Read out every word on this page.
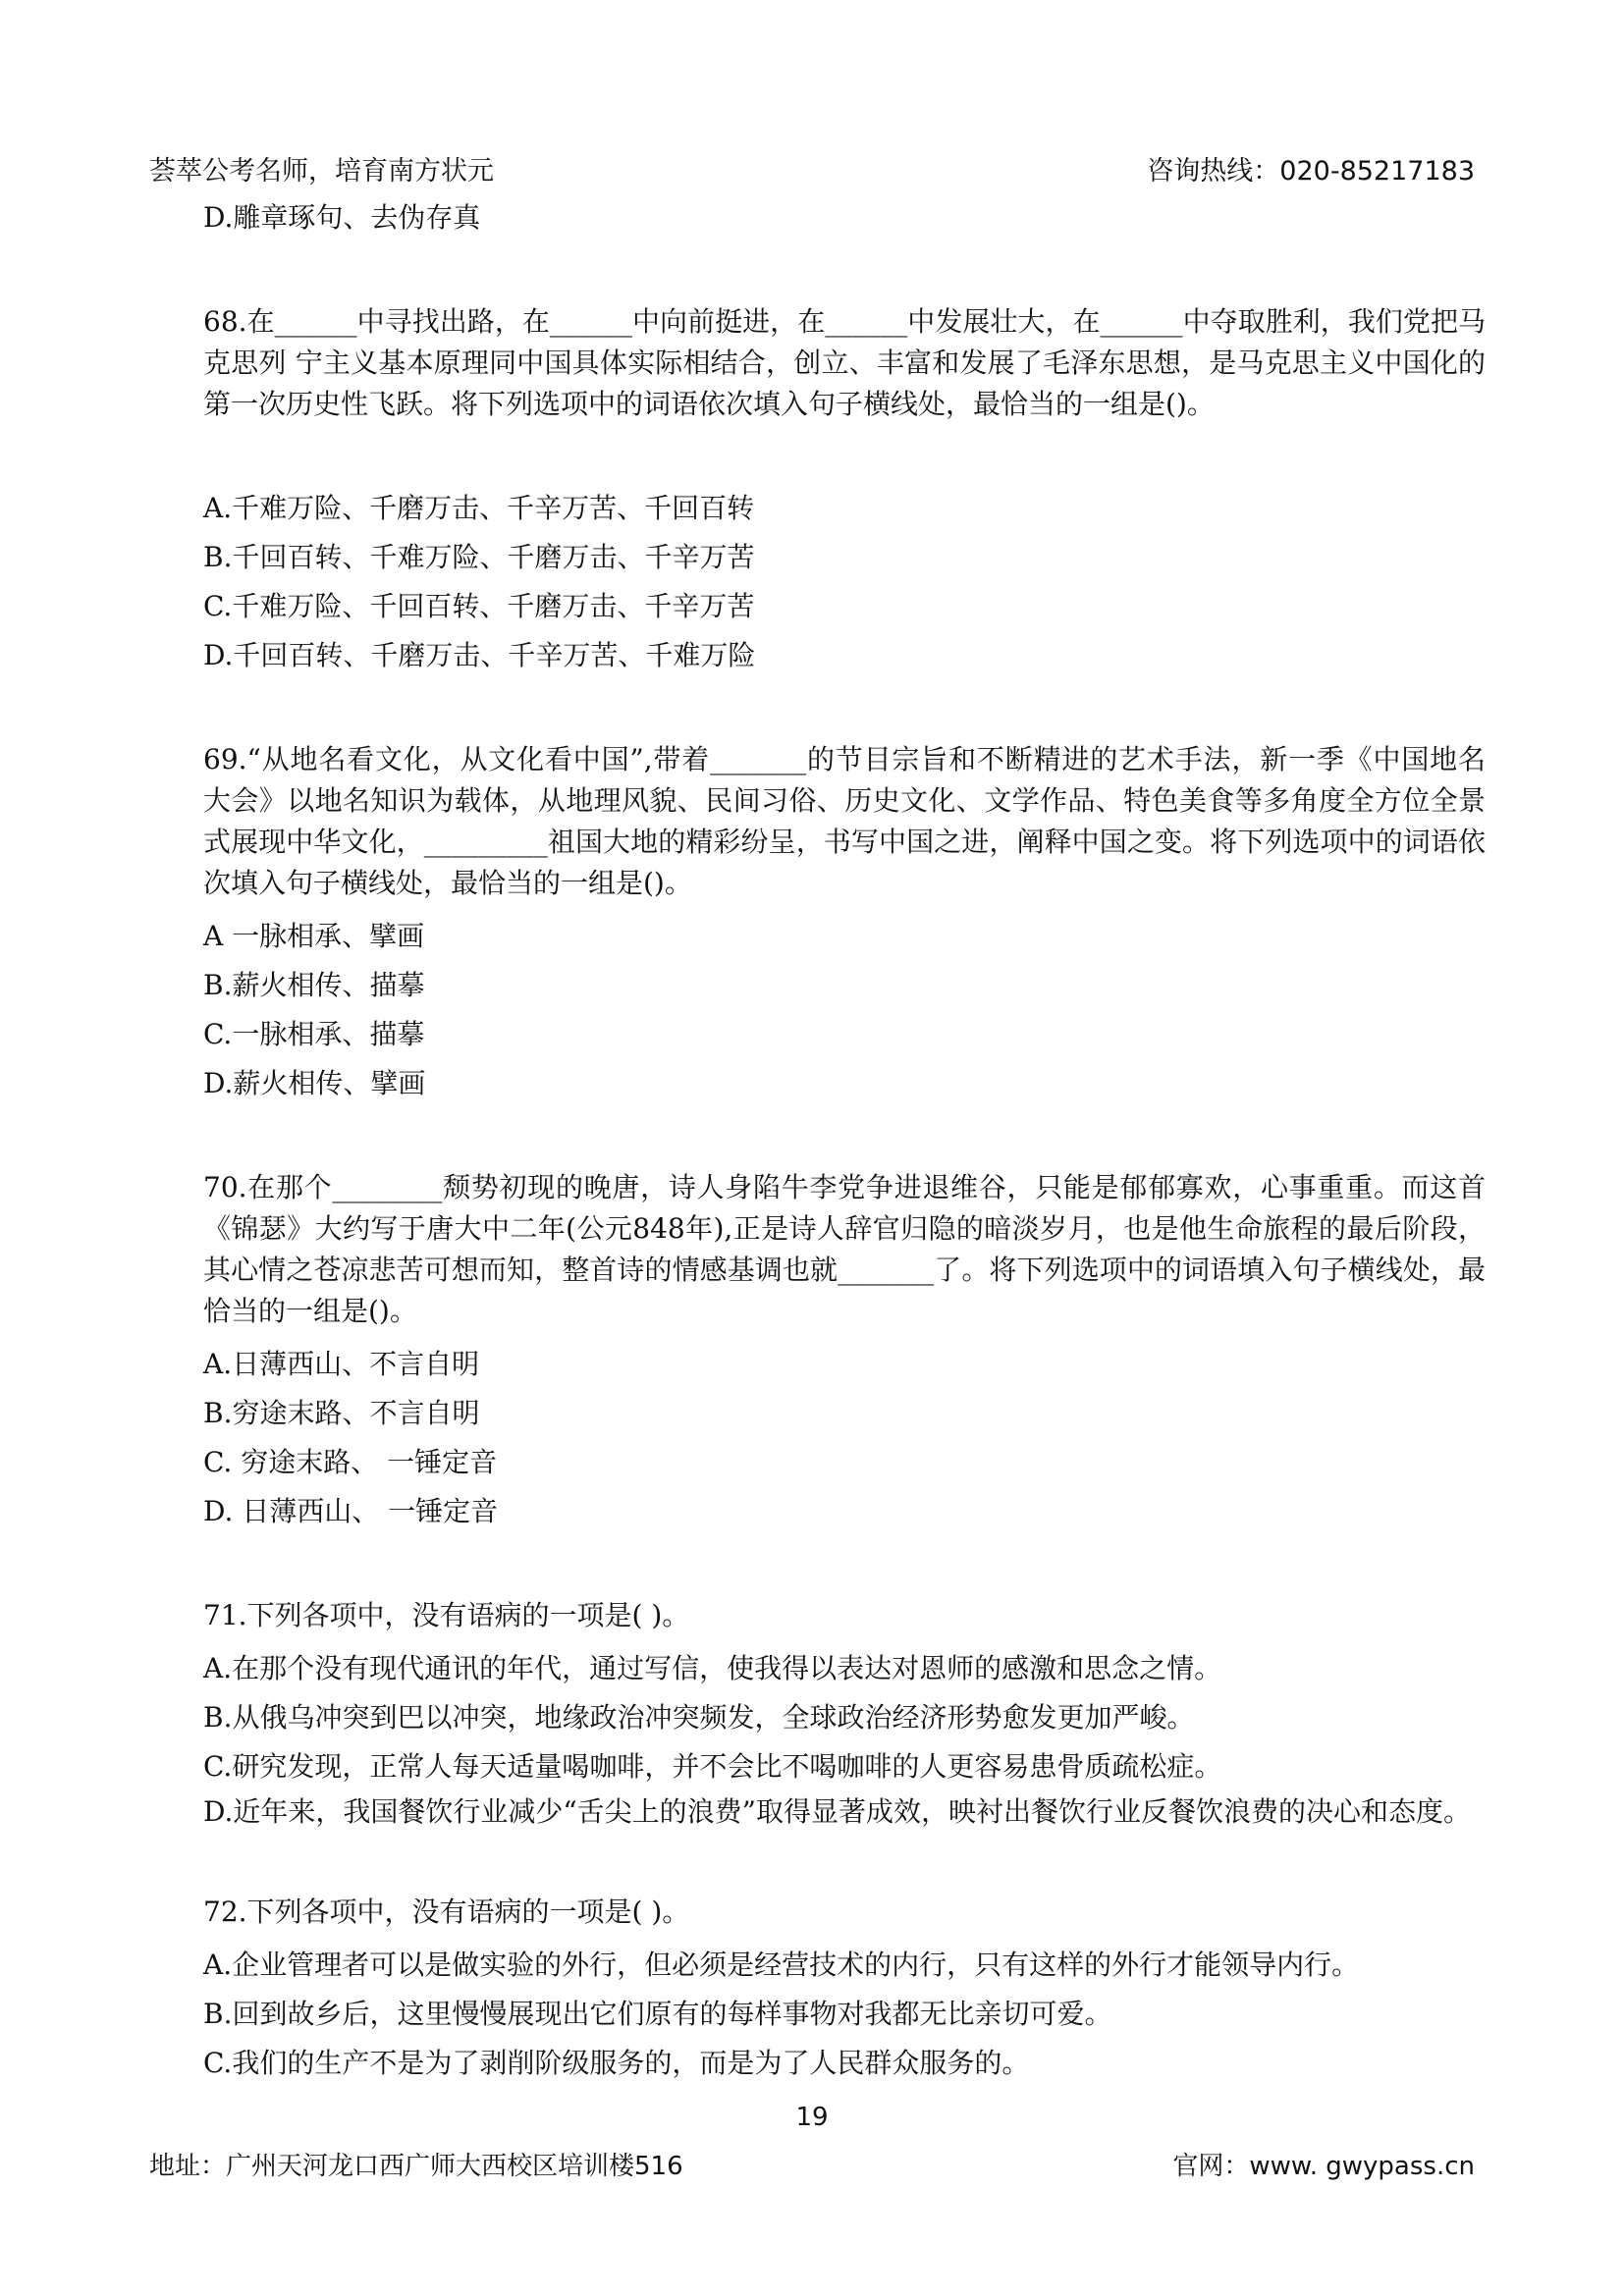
荟萃公考名师，培育南方状元	咨询热线：020-85217183

D.雕章琢句、去伪存真

68.在______中寻找出路，在______中向前挺进，在______中发展壮大，在______中夺取胜利，我们党把马克思列 宁主义基本原理同中国具体实际相结合，创立、丰富和发展了毛泽东思想，是马克思主义中国化的第一次历史性飞跃。将下列选项中的词语依次填入句子横线处，最恰当的一组是()。

A.千难万险、千磨万击、千辛万苦、千回百转

B.千回百转、千难万险、千磨万击、千辛万苦

C.千难万险、千回百转、千磨万击、千辛万苦

D.千回百转、千磨万击、千辛万苦、千难万险

69.“从地名看文化，从文化看中国”,带着_______的节目宗旨和不断精进的艺术手法，新一季《中国地名 大会》以地名知识为载体，从地理风貌、民间习俗、历史文化、文学作品、特色美食等多角度全方位全景 式展现中华文化，_________祖国大地的精彩纷呈，书写中国之进，阐释中国之变。将下列选项中的词语依次填入句子横线处，最恰当的一组是()。

A 一脉相承、擘画

B.薪火相传、描摹

C.一脉相承、描摹

D.薪火相传、擘画

70.在那个________颓势初现的晚唐，诗人身陷牛李党争进退维谷，只能是郁郁寡欢，心事重重。而这首《锦瑟》大约写于唐大中二年(公元848年),正是诗人辞官归隐的暗淡岁月，也是他生命旅程的最后阶段，其心情之苍凉悲苦可想而知，整首诗的情感基调也就_______了。将下列选项中的词语填入句子横线处，最恰当的一组是()。

A.日薄西山、不言自明

B.穷途末路、不言自明

C. 穷途末路、 一锤定音

D. 日薄西山、 一锤定音

71.下列各项中，没有语病的一项是( )。

A.在那个没有现代通讯的年代，通过写信，使我得以表达对恩师的感激和思念之情。

B.从俄乌冲突到巴以冲突，地缘政治冲突频发，全球政治经济形势愈发更加严峻。

C.研究发现，正常人每天适量喝咖啡，并不会比不喝咖啡的人更容易患骨质疏松症。

D.近年来，我国餐饮行业减少“舌尖上的浪费”取得显著成效，映衬出餐饮行业反餐饮浪费的决心和态度。

72.下列各项中，没有语病的一项是( )。

A.企业管理者可以是做实验的外行，但必须是经营技术的内行，只有这样的外行才能领导内行。

B.回到故乡后，这里慢慢展现出它们原有的每样事物对我都无比亲切可爱。

C.我们的生产不是为了剥削阶级服务的，而是为了人民群众服务的。

19
地址：广州天河龙口西广师大西校区培训楼516	官网：www. gwypass.cn
